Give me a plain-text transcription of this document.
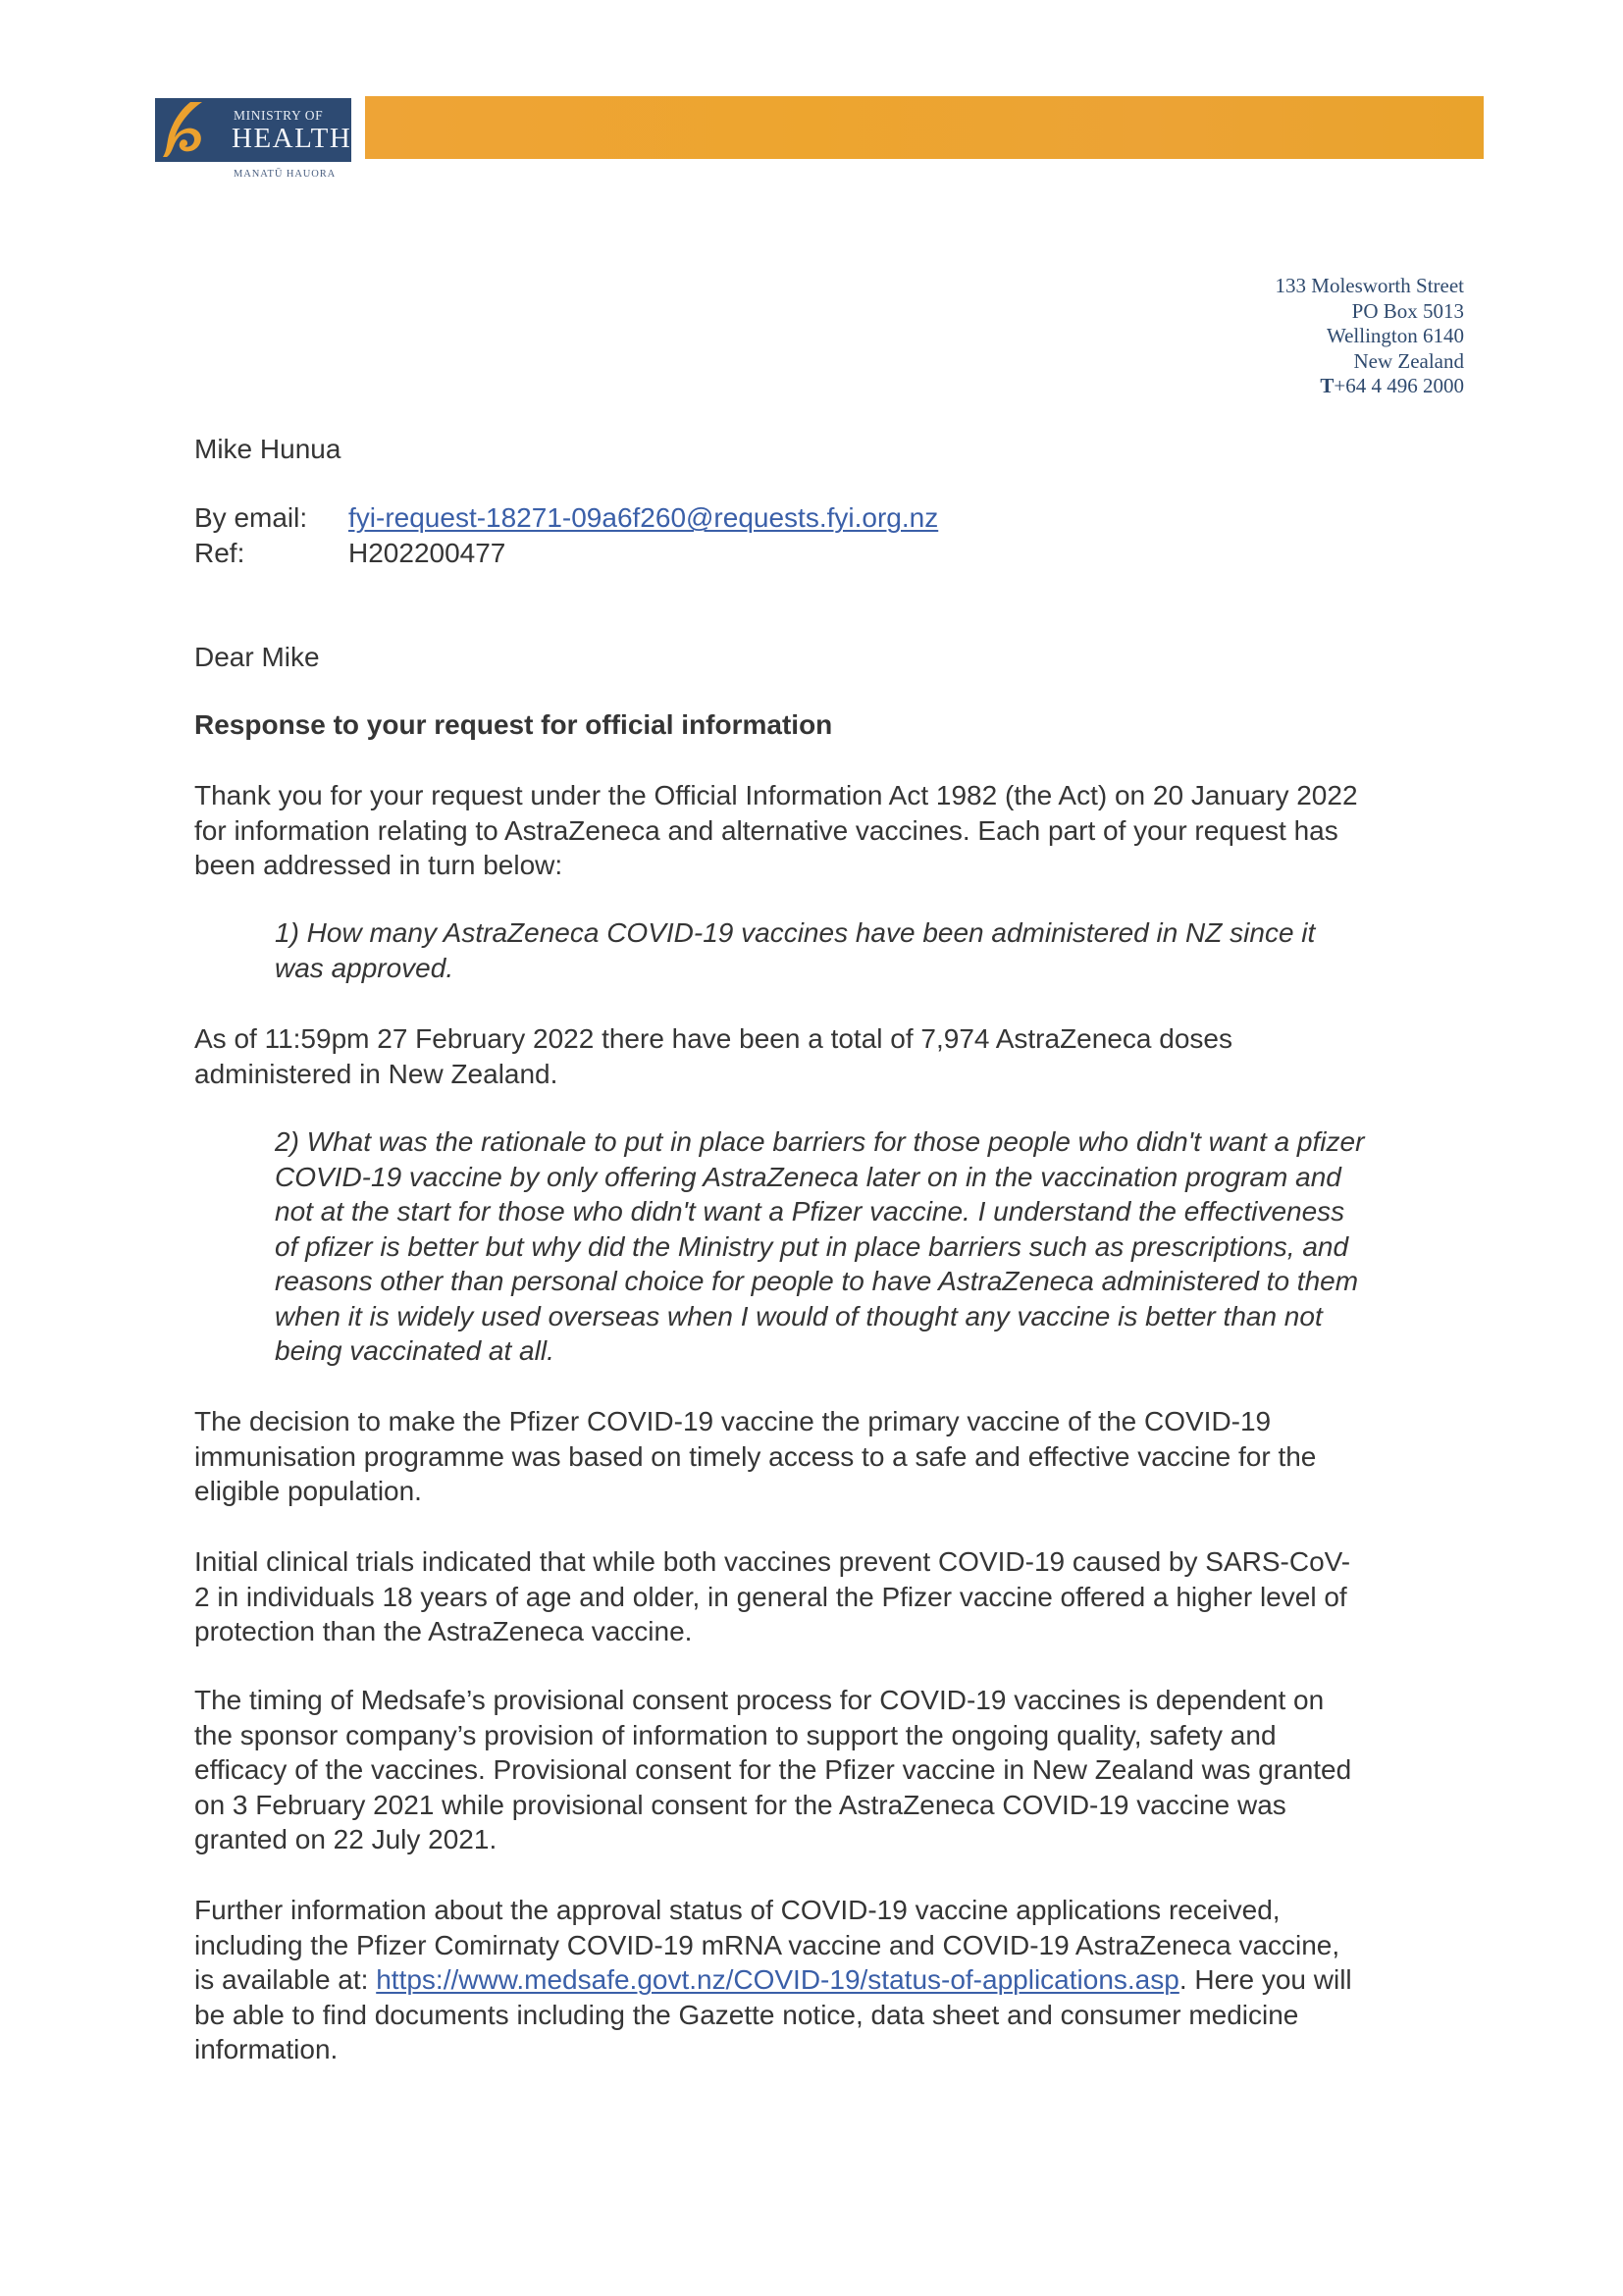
MINISTRY OF
HEALTH
MANATŪ HAUORA
133 Molesworth Street
PO Box 5013
Wellington 6140
New Zealand
T+64 4 496 2000
Mike Hunua
By email: fyi-request-18271-09a6f260@requests.fyi.org.nz
Ref:	H202200477
Dear Mike
Response to your request for official information
Thank you for your request under the Official Information Act 1982 (the Act) on 20 January 2022
for information relating to AstraZeneca and alternative vaccines. Each part of your request has
been addressed in turn below:
1) How many AstraZeneca COVID-19 vaccines have been administered in NZ since it
was approved.
As of 11:59pm 27 February 2022 there have been a total of 7,974 AstraZeneca doses
administered in New Zealand.
2) What was the rationale to put in place barriers for those people who didn't want a pfizer
COVID-19 vaccine by only offering AstraZeneca later on in the vaccination program and
not at the start for those who didn't want a Pfizer vaccine. I understand the effectiveness
of pfizer is better but why did the Ministry put in place barriers such as prescriptions, and
reasons other than personal choice for people to have AstraZeneca administered to them
when it is widely used overseas when I would of thought any vaccine is better than not
being vaccinated at all.
The decision to make the Pfizer COVID-19 vaccine the primary vaccine of the COVID-19
immunisation programme was based on timely access to a safe and effective vaccine for the
eligible population.
Initial clinical trials indicated that while both vaccines prevent COVID-19 caused by SARS-CoV-
2 in individuals 18 years of age and older, in general the Pfizer vaccine offered a higher level of
protection than the AstraZeneca vaccine.
The timing of Medsafe’s provisional consent process for COVID-19 vaccines is dependent on
the sponsor company’s provision of information to support the ongoing quality, safety and
efficacy of the vaccines. Provisional consent for the Pfizer vaccine in New Zealand was granted
on 3 February 2021 while provisional consent for the AstraZeneca COVID-19 vaccine was
granted on 22 July 2021.
Further information about the approval status of COVID-19 vaccine applications received,
including the Pfizer Comirnaty COVID-19 mRNA vaccine and COVID-19 AstraZeneca vaccine,
is available at: https://www.medsafe.govt.nz/COVID-19/status-of-applications.asp. Here you will
be able to find documents including the Gazette notice, data sheet and consumer medicine
information.
